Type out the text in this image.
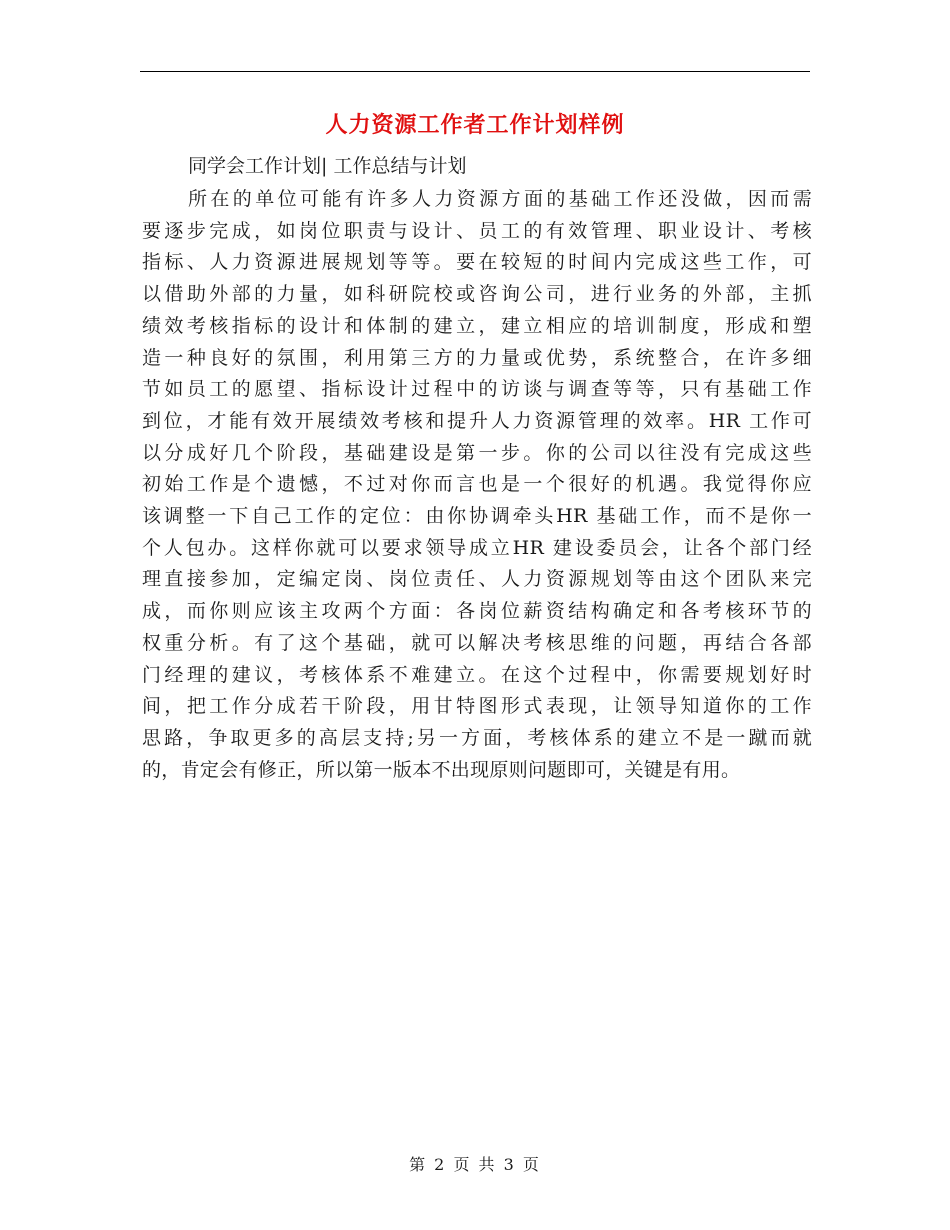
人力资源工作者工作计划样例
同学会工作计划| 工作总结与计划
所在的单位可能有许多人力资源方面的基础工作还没做，因而需
要逐步完成，如岗位职责与设计、员工的有效管理、职业设计、考核
指标、人力资源进展规划等等。要在较短的时间内完成这些工作，可
以借助外部的力量，如科研院校或咨询公司，进行业务的外部，主抓
绩效考核指标的设计和体制的建立，建立相应的培训制度，形成和塑
造一种良好的氛围，利用第三方的力量或优势，系统整合，在许多细
节如员工的愿望、指标设计过程中的访谈与调查等等，只有基础工作
到位，才能有效开展绩效考核和提升人力资源管理的效率。HR 工作可
以分成好几个阶段，基础建设是第一步。你的公司以往没有完成这些
初始工作是个遗憾，不过对你而言也是一个很好的机遇。我觉得你应
该调整一下自己工作的定位：由你协调牵头HR 基础工作，而不是你一
个人包办。这样你就可以要求领导成立HR 建设委员会，让各个部门经
理直接参加，定编定岗、岗位责任、人力资源规划等由这个团队来完
成，而你则应该主攻两个方面：各岗位薪资结构确定和各考核环节的
权重分析。有了这个基础，就可以解决考核思维的问题，再结合各部
门经理的建议，考核体系不难建立。在这个过程中，你需要规划好时
间，把工作分成若干阶段，用甘特图形式表现，让领导知道你的工作
思路，争取更多的高层支持;另一方面，考核体系的建立不是一蹴而就
的，肯定会有修正，所以第一版本不出现原则问题即可，关键是有用。
第 2 页 共 3 页
